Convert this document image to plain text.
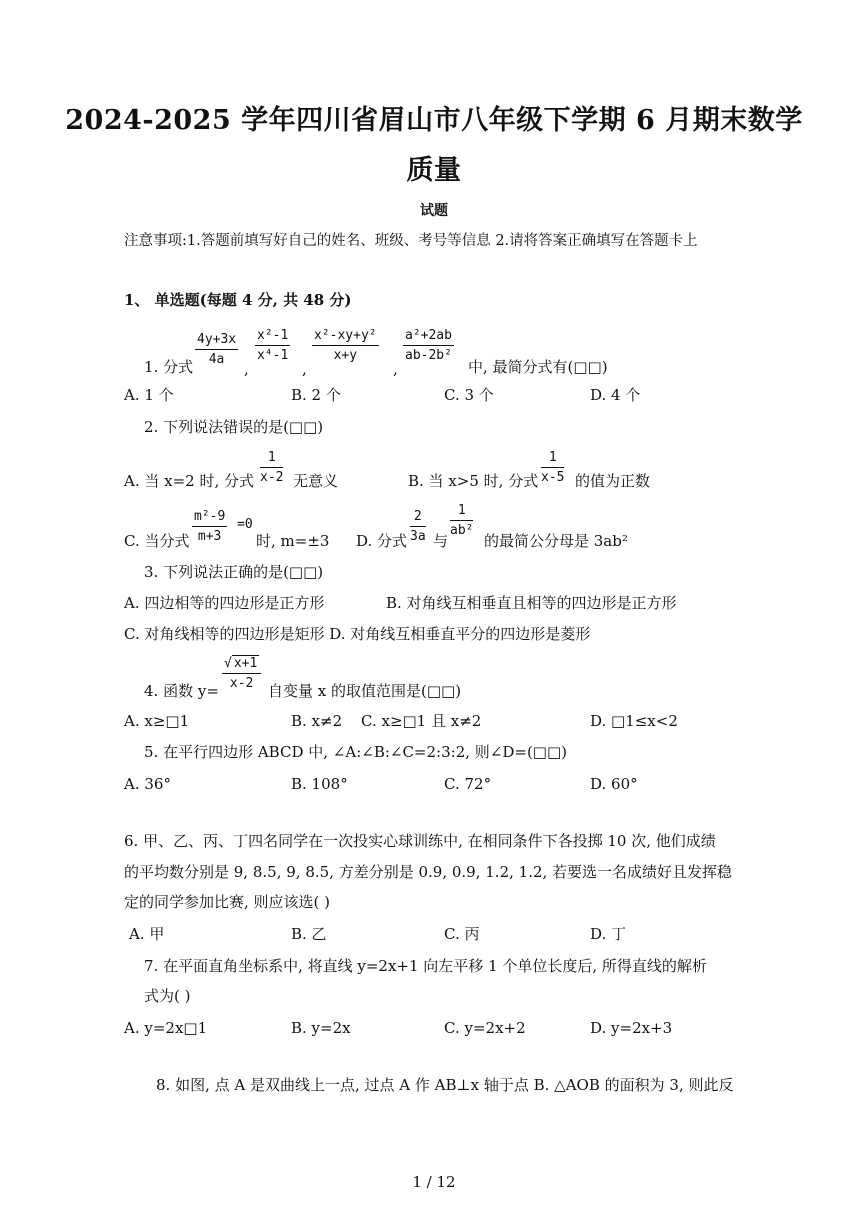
2024-2025 学年四川省眉山市八年级下学期 6 月期末数学
质量
试题
注意事项:1.答题前填写好自己的姓名、班级、考号等信息 2.请将答案正确填写在答题卡上
1、 单选题(每题 4 分, 共 48 分)
1. 分式 $\frac{4y+3x}{4a}$
,
$\frac{\text{x²-1}}{\text{x⁴-1}}$
,
$\frac{\text{x²-xy+y²}}{x+y}$
,
$\frac{\text{a²+2ab}}{\text{ab-2b²}}$
中, 最简分式有(□□)
A. 1 个	B. 2 个	C. 3 个	D. 4 个
2. 下列说法错误的是(□□)
A. 当 x=2 时, 分式 $\frac{1}{x-2}$ 无意义	B. 当 x>5 时, 分式 $\frac{1}{x-5}$ 的值为正数
C. 当分式 $\frac{\text{m²-9}}{m+3} =0$
时, m=±3 D. 分式 $\frac{2}{3a}$ 与
$\frac{1}{\text{ab²}}$
的最简公分母是 3ab²
3. 下列说法正确的是(□□)
A. 四边相等的四边形是正方形	B. 对角线互相垂直且相等的四边形是正方形
C. 对角线相等的四边形是矩形 D. 对角线互相垂直平分的四边形是菱形
4. 函数 $y= \frac{√ x+1}{x-2}$ 自变量 x 的取值范围是(□□)
A. x≥□1	B. x≠2 C. x≥□1 且 x≠2	D. □1≤x<2
5. 在平行四边形 ABCD 中, ∠A:∠B:∠C=2:3:2, 则∠D=(□□)
A. 36°	B. 108°	C. 72°	D. 60°
6. 甲、乙、丙、丁四名同学在一次投实心球训练中, 在相同条件下各投掷 10 次, 他们成绩
的平均数分别是 9, 8.5, 9, 8.5, 方差分别是 0.9, 0.9, 1.2, 1.2, 若要选一名成绩好且发挥稳
定的同学参加比赛, 则应该选( )
A. 甲	B. 乙	C. 丙	D. 丁
7. 在平面直角坐标系中, 将直线 y=2x+1 向左平移 1 个单位长度后, 所得直线的解析
式为( )
A. y=2x□1	B. y=2x	C. y=2x+2	D. y=2x+3
8. 如图, 点 A 是双曲线上一点, 过点 A 作 AB⊥x 轴于点 B. △AOB 的面积为 3, 则此反
1 / 12
